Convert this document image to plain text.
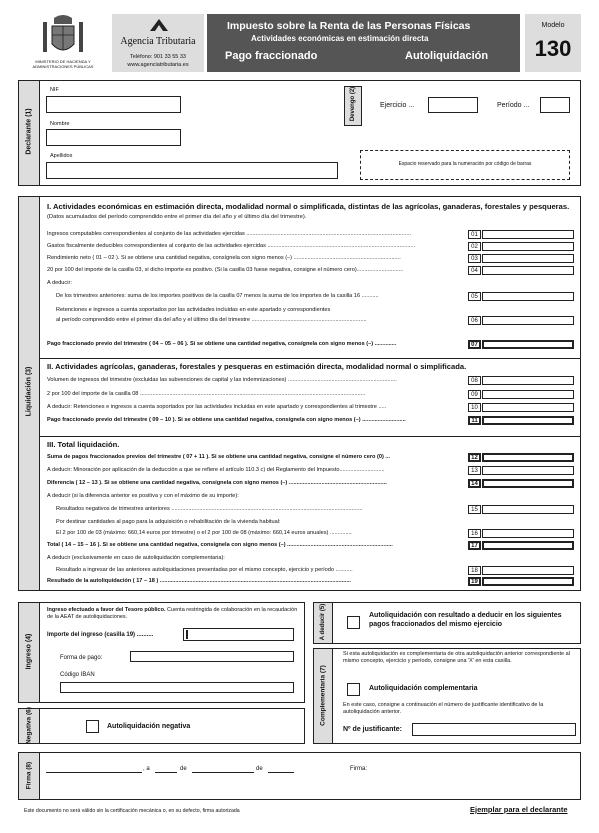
MINISTERIO DE HACIENDA Y ADMINISTRACIONES PÚBLICAS
Agencia Tributaria
Teléfono: 901 33 55 33
www.agenciatributaria.es
Impuesto sobre la Renta de las Personas Físicas
Actividades económicas en estimación directa
Pago fraccionado	Autoliquidación
Modelo
130
Declarante (1)
NIF
Nombre
Apellidos
Devengo (2)	Ejercicio ...	Período ...
Espacio reservado para la numeración por código de barras
Liquidación (3)
I. Actividades económicas en estimación directa, modalidad normal o simplificada, distintas de las agrícolas, ganaderas, forestales y pesqueras. (Datos acumulados del período comprendido entre el primer día del año y el último día del trimestre).
Ingresos computables correspondientes al conjunto de las actividades ejercidas ..........................................................................................................	01
Gastos fiscalmente deducibles correspondientes al conjunto de las actividades ejercidas ...............................................................................................	02
Rendimiento neto ( 01 – 02 ). Si se obtiene una cantidad negativa, consígnela con signo menos (–) .....................................................................	03
20 por 100 del importe de la casilla 03, si dicho importe es positivo. (Si la casilla 03 fuese negativa, consigne el número cero)..............................	04
A deducir:
De los trimestres anteriores: suma de los importes positivos de la casilla 07 menos la suma de los importes de la casilla 16 ...........	05
Retenciones e ingresos a cuenta soportados por las actividades incluidas en este apartado y correspondientes
al período comprendido entre el primer día del año y el último día del trimestre ..........................................................................	06
Pago fraccionado previo del trimestre ( 04 – 05 – 06 ). Si se obtiene una cantidad negativa, consígnela con signo menos (–) ..............	07
Volumen de ingresos del trimestre (excluidas las subvenciones de capital y las indemnizaciones) ......................................................................	08
2 por 100 del importe de la casilla 08 .................................................................................................................................................	09
A deducir: Retenciones e ingresos a cuenta soportados por las actividades incluidas en este apartado y correspondientes al trimestre .....	10
Pago fraccionado previo del trimestre ( 09 – 10 ). Si se obtiene una cantidad negativa, consígnela con signo menos (–) ............................	11
Suma de pagos fraccionados previos del trimestre ( 07 + 11 ). Si se obtiene una cantidad negativa, consigne el número cero (0) ...	12
A deducir: Minoración por aplicación de la deducción a que se refiere el artículo 110.3 c) del Reglamento del Impuesto.............................	13
Diferencia ( 12 – 13 ). Si se obtiene una cantidad negativa, consígnela con signo menos (–) ...............................................................	14
A deducir (si la diferencia anterior es positiva y con el máximo de su importe):
Resultados negativos de trimestres anteriores ...........................................................................................................................	15
Por destinar cantidades al pago para la adquisición o rehabilitación de la vivienda habitual:
El 2 por 100 de 03 (máximo: 660,14 euros por trimestre) o el 2 por 100 de 08 (máximo: 660,14 euros anuales) ..............	16
Total ( 14 – 15 – 16 ). Si se obtiene una cantidad negativa, consígnela con signo menos (–) ....................................................................	17
A deducir (exclusivamente en caso de autoliquidación complementaria):
Resultado a ingresar de las anteriores autoliquidaciones presentadas por el mismo concepto, ejercicio y período ...........	18
Resultado de la autoliquidación ( 17 – 18 ) ...........................................................................................................................	19
II. Actividades agrícolas, ganaderas, forestales y pesqueras en estimación directa, modalidad normal o simplificada.
III. Total liquidación.
Ingreso (4)
Ingreso efectuado a favor del Tesoro público. Cuenta restringida de colaboración en la recaudación de la AEAT de autoliquidaciones.
Importe del ingreso (casilla 19) ..........
Forma de pago:
Código IBAN
A deducir (5)	Autoliquidación con resultado a deducir en los siguientes pagos fraccionados del mismo ejercicio
Complementaria (7)
Si esta autoliquidación es complementaria de otra autoliquidación anterior correspondiente al mismo concepto, ejercicio y período, consigne una 'X' en esta casilla.
Autoliquidación complementaria
En este caso, consigne a continuación el número de justificante identificativo de la autoliquidación anterior.
Nº de justificante:
Negativa (6)	Autoliquidación negativa
Firma (8)	, a	de	de	Firma:
Este documento no será válido sin la certificación mecánica o, en su defecto, firma autorizada	Ejemplar para el declarante
